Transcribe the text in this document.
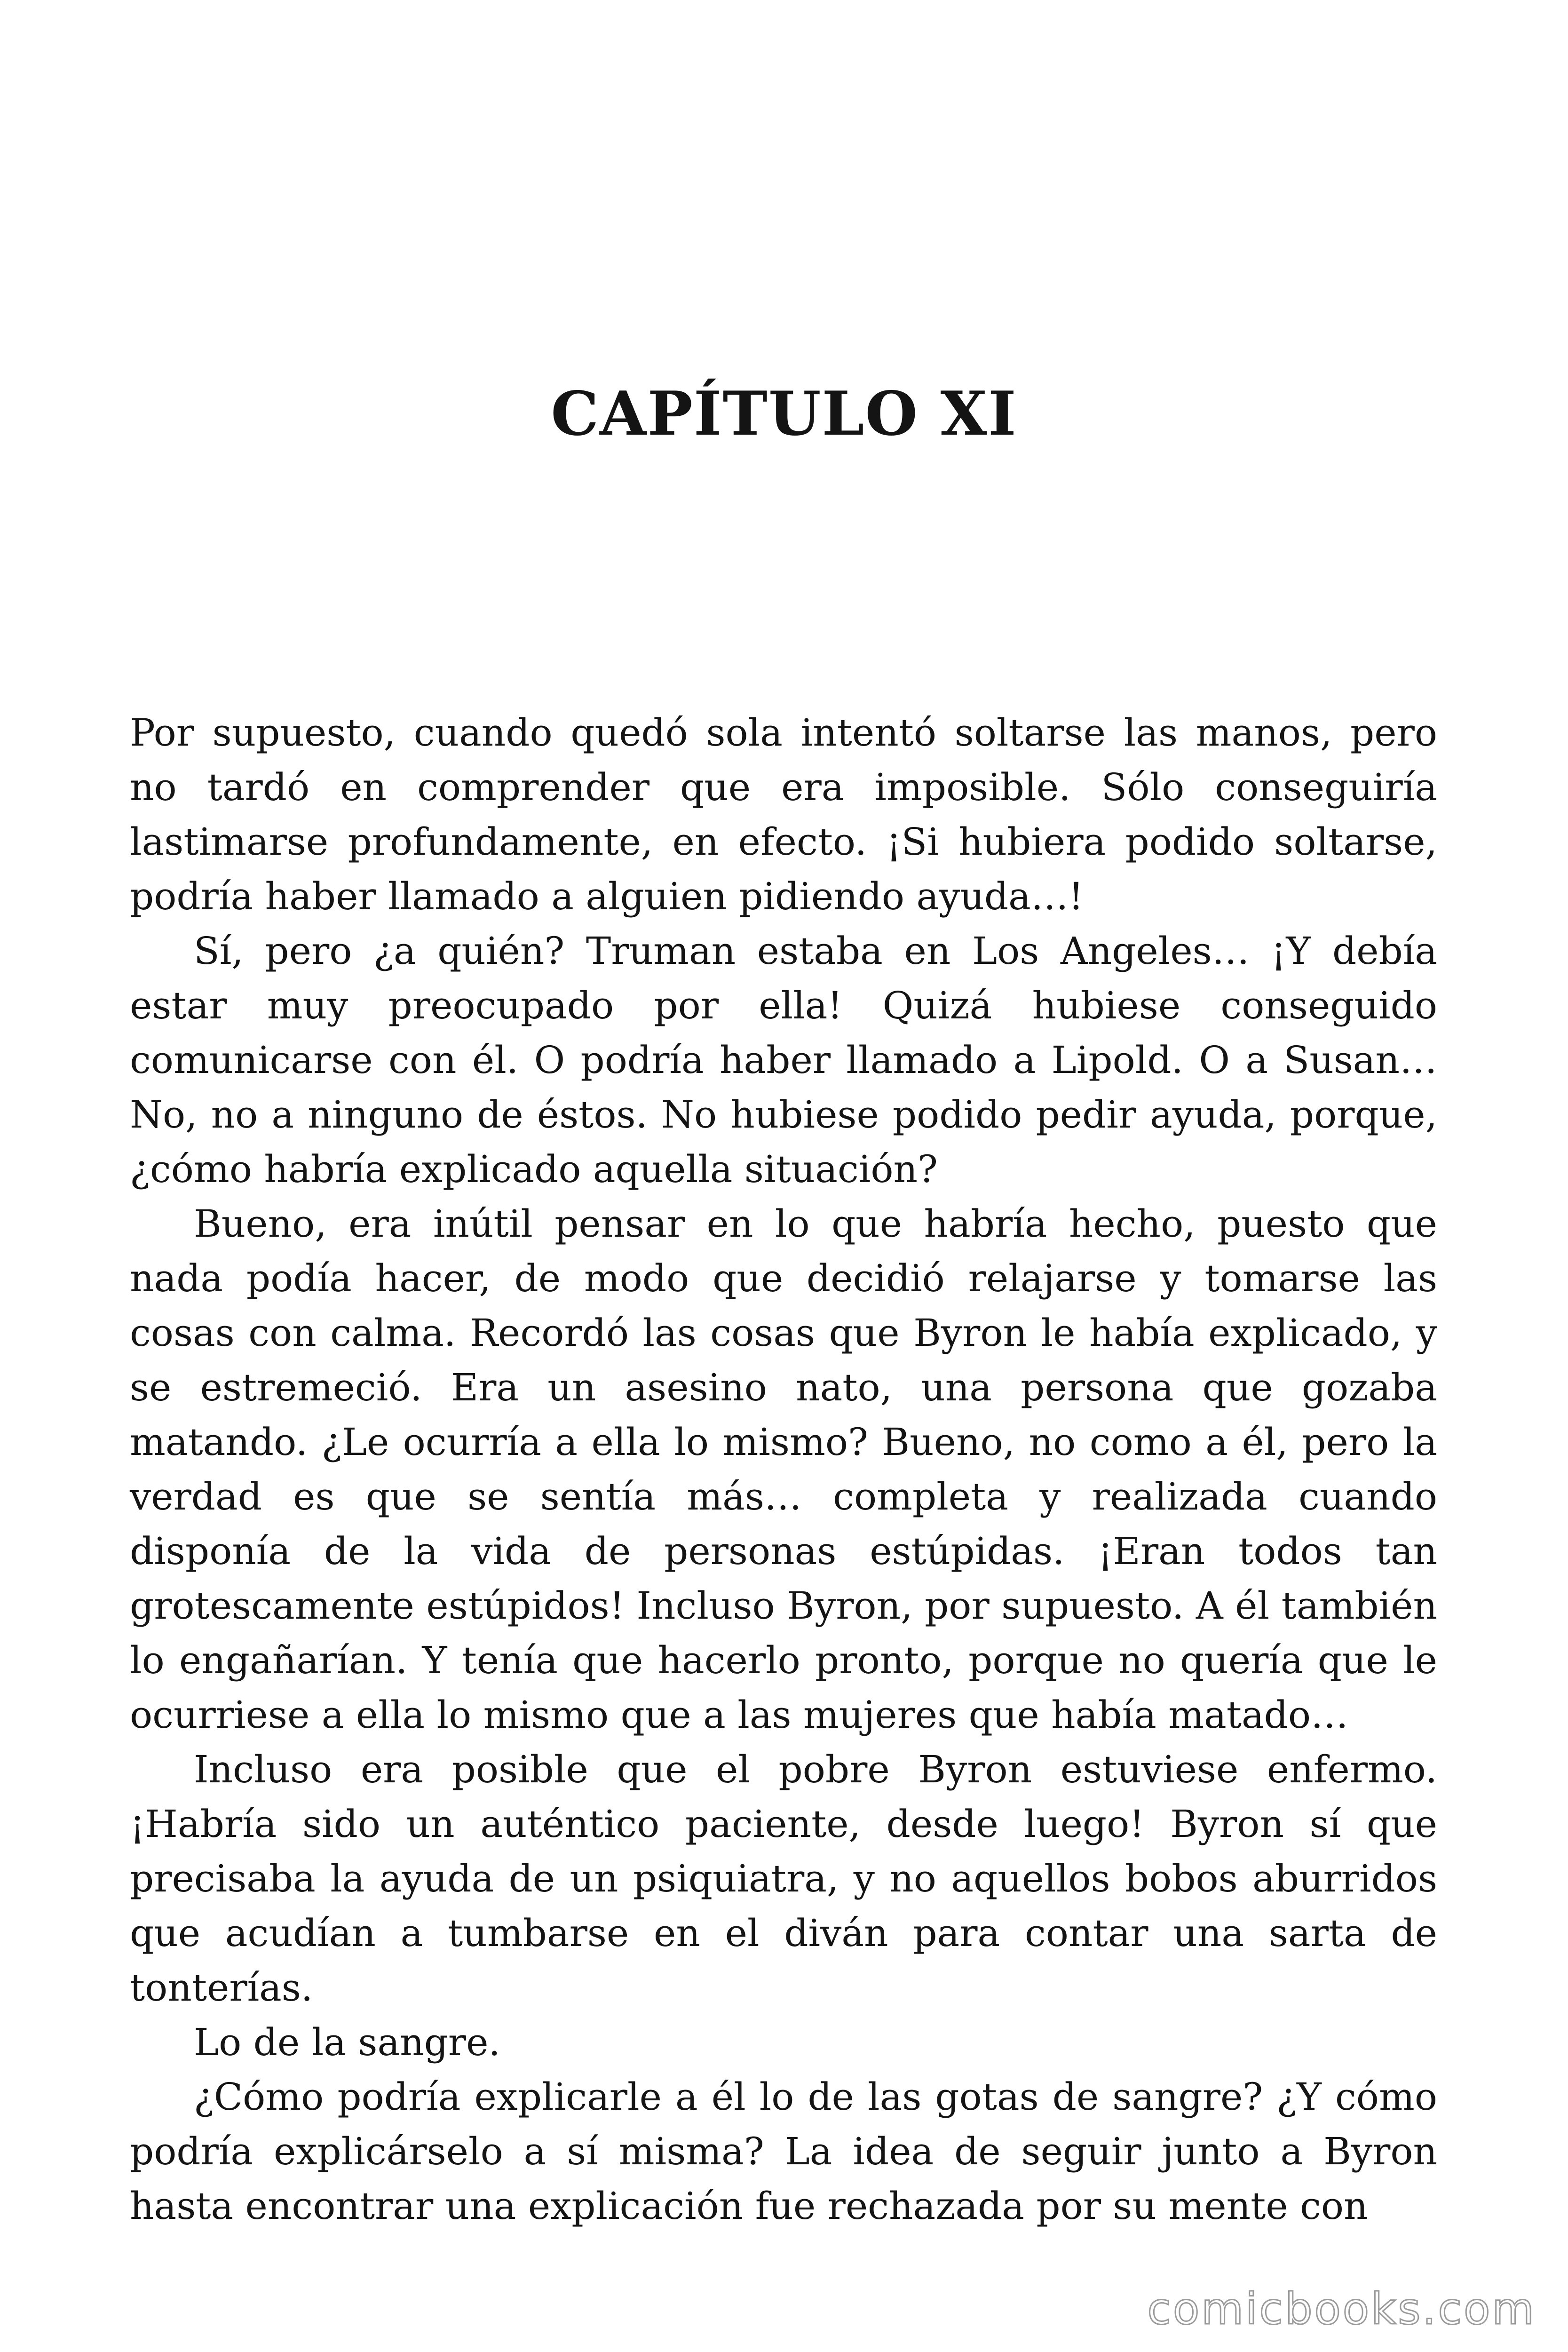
CAPÍTULO XI

Por supuesto, cuando quedó sola intentó soltarse las manos, pero no tardó en comprender que era imposible. Sólo conseguiría lastimarse profundamente, en efecto. ¡Si hubiera podido soltarse, podría haber llamado a alguien pidiendo ayuda…!

Sí, pero ¿a quién? Truman estaba en Los Angeles… ¡Y debía estar muy preocupado por ella! Quizá hubiese conseguido comunicarse con él. O podría haber llamado a Lipold. O a Susan… No, no a ninguno de éstos. No hubiese podido pedir ayuda, porque, ¿cómo habría explicado aquella situación?

Bueno, era inútil pensar en lo que habría hecho, puesto que nada podía hacer, de modo que decidió relajarse y tomarse las cosas con calma. Recordó las cosas que Byron le había explicado, y se estremeció. Era un asesino nato, una persona que gozaba matando. ¿Le ocurría a ella lo mismo? Bueno, no como a él, pero la verdad es que se sentía más… completa y realizada cuando disponía de la vida de personas estúpidas. ¡Eran todos tan grotescamente estúpidos! Incluso Byron, por supuesto. A él también lo engañarían. Y tenía que hacerlo pronto, porque no quería que le ocurriese a ella lo mismo que a las mujeres que había matado…

Incluso era posible que el pobre Byron estuviese enfermo. ¡Habría sido un auténtico paciente, desde luego! Byron sí que precisaba la ayuda de un psiquiatra, y no aquellos bobos aburridos que acudían a tumbarse en el diván para contar una sarta de tonterías.

Lo de la sangre.

¿Cómo podría explicarle a él lo de las gotas de sangre? ¿Y cómo podría explicárselo a sí misma? La idea de seguir junto a Byron hasta encontrar una explicación fue rechazada por su mente con

comicbooks.com
